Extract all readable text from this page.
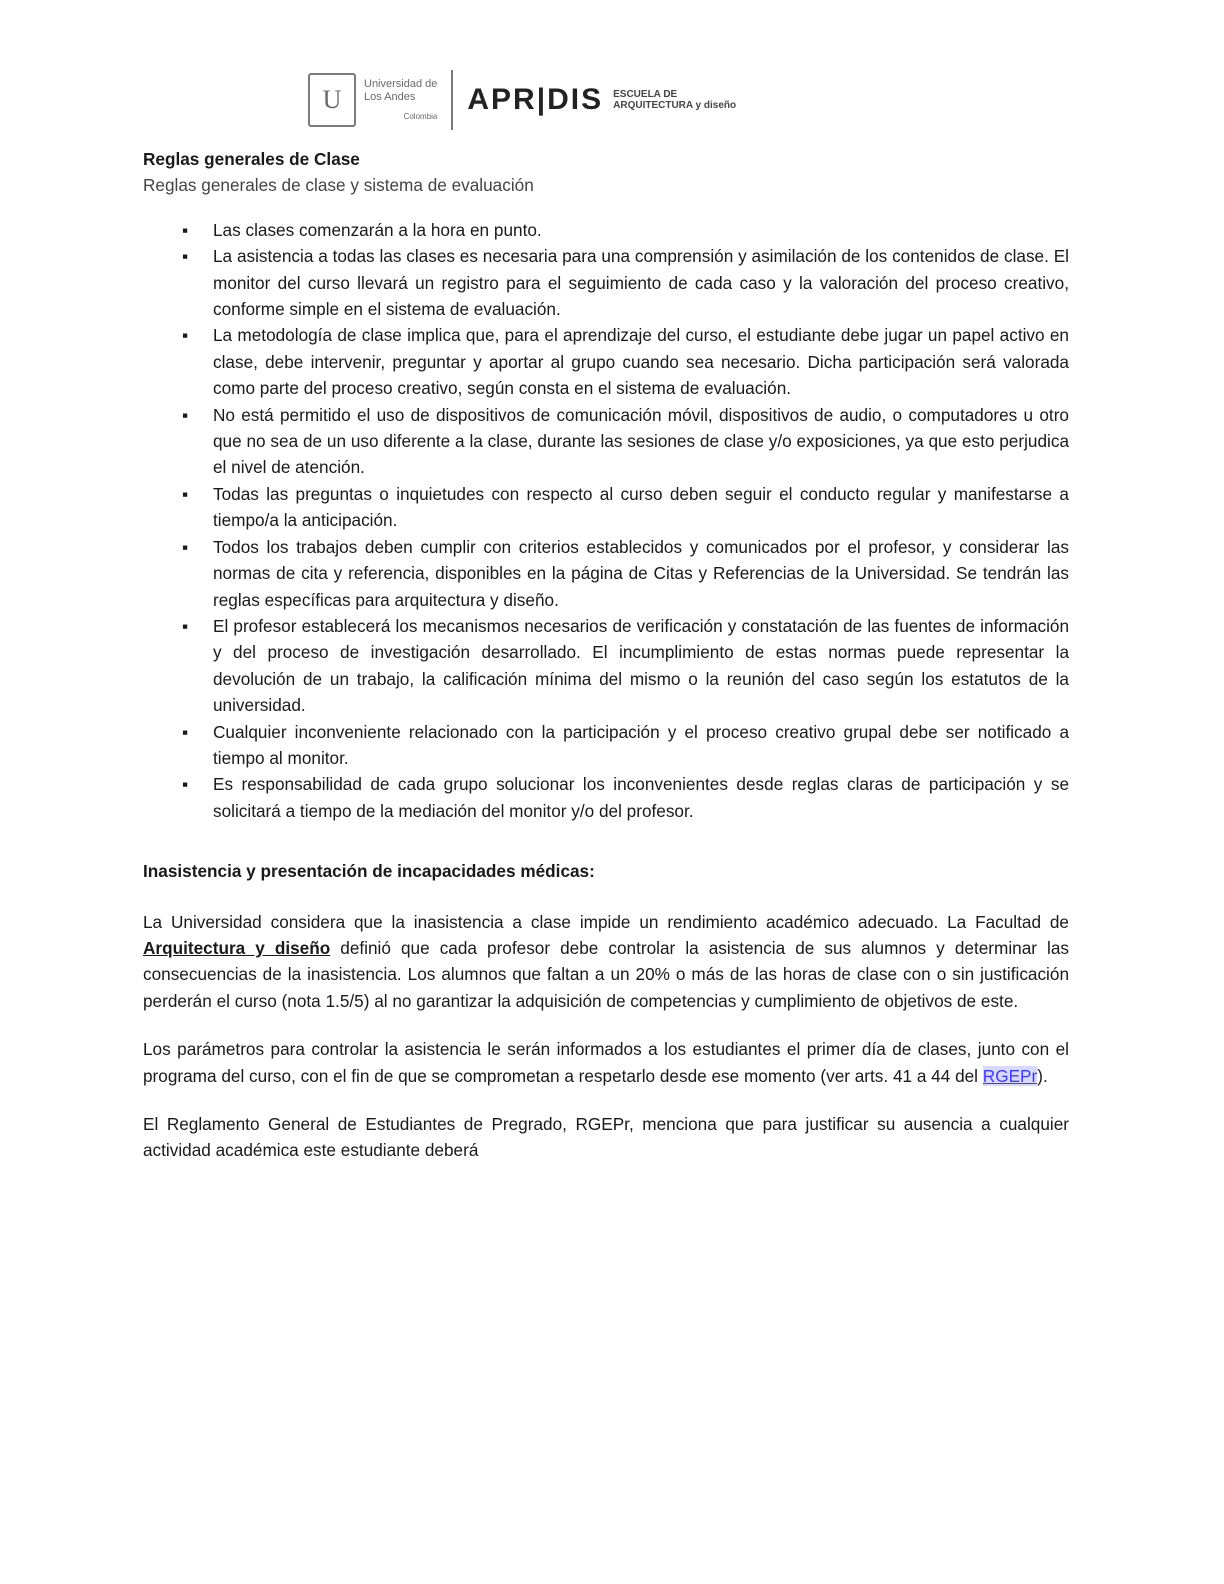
U
Universidad de
Los Andes
Colombia APR|DIS ESCUELA DE
ARQUITECTURA y diseño

Reglas generales de Clase

Reglas generales de clase y sistema de evaluación

▪	Las clases comenzarán a la hora en punto.
▪	La asistencia a todas las clases es necesaria para una comprensión y asimilación de los contenidos de clase. El monitor del curso llevará un registro para el seguimiento de cada caso y la valoración del proceso creativo, conforme simple en el sistema de evaluación.
▪	La metodología de clase implica que, para el aprendizaje del curso, el estudiante debe jugar un papel activo en clase, debe intervenir, preguntar y aportar al grupo cuando sea necesario. Dicha participación será valorada como parte del proceso creativo, según consta en el sistema de evaluación.
▪	No está permitido el uso de dispositivos de comunicación móvil, dispositivos de audio, o computadores u otro que no sea de un uso diferente a la clase, durante las sesiones de clase y/o exposiciones, ya que esto perjudica el nivel de atención.
▪	Todas las preguntas o inquietudes con respecto al curso deben seguir el conducto regular y manifestarse a tiempo/a la anticipación.
▪	Todos los trabajos deben cumplir con criterios establecidos y comunicados por el profesor, y considerar las normas de cita y referencia, disponibles en la página de Citas y Referencias de la Universidad. Se tendrán las reglas específicas para arquitectura y diseño.
▪	El profesor establecerá los mecanismos necesarios de verificación y constatación de las fuentes de información y del proceso de investigación desarrollado. El incumplimiento de estas normas puede representar la devolución de un trabajo, la calificación mínima del mismo o la reunión del caso según los estatutos de la universidad.
▪	Cualquier inconveniente relacionado con la participación y el proceso creativo grupal debe ser notificado a tiempo al monitor.
▪	Es responsabilidad de cada grupo solucionar los inconvenientes desde reglas claras de participación y se solicitará a tiempo de la mediación del monitor y/o del profesor.

Inasistencia y presentación de incapacidades médicas:

La Universidad considera que la inasistencia a clase impide un rendimiento académico adecuado. La Facultad de Arquitectura y diseño definió que cada profesor debe controlar la asistencia de sus alumnos y determinar las consecuencias de la inasistencia. Los alumnos que faltan a un 20% o más de las horas de clase con o sin justificación perderán el curso (nota 1.5/5) al no garantizar la adquisición de competencias y cumplimiento de objetivos de este.

Los parámetros para controlar la asistencia le serán informados a los estudiantes el primer día de clases, junto con el programa del curso, con el fin de que se comprometan a respetarlo desde ese momento (ver arts. 41 a 44 del RGEPr).

El Reglamento General de Estudiantes de Pregrado, RGEPr, menciona que para justificar su ausencia a cualquier actividad académica este estudiante deberá
